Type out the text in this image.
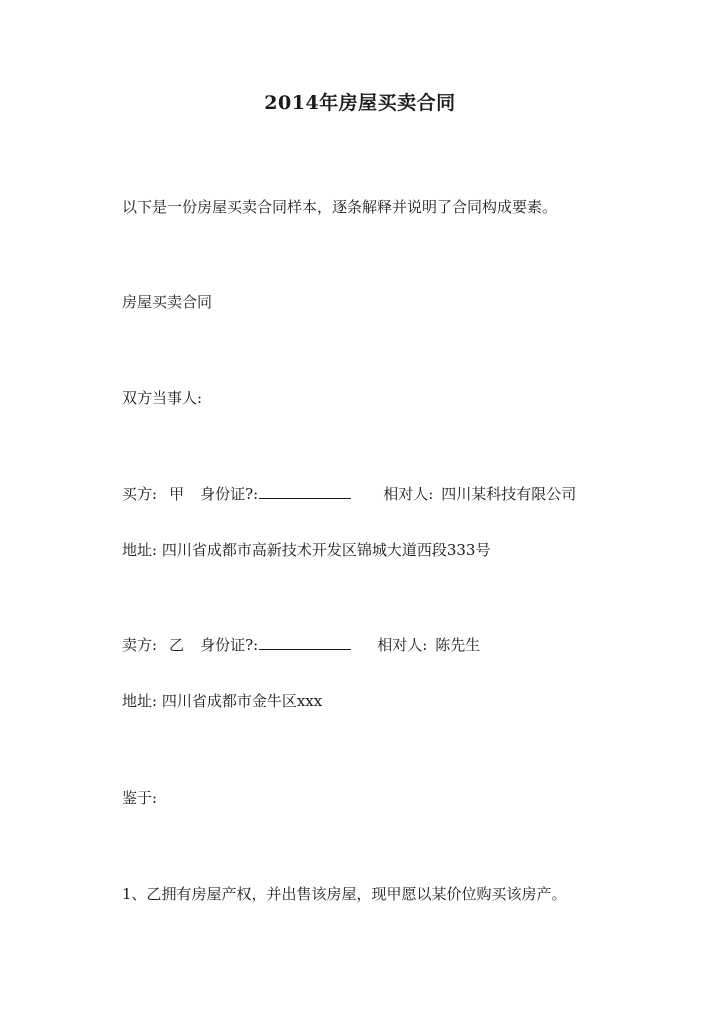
2014年房屋买卖合同
以下是一份房屋买卖合同样本，逐条解释并说明了合同构成要素。
房屋买卖合同
双方当事人:
买方: 甲 身份证?:	相对人: 四川某科技有限公司
地址: 四川省成都市高新技术开发区锦城大道西段333号
卖方: 乙 身份证?:	相对人: 陈先生
地址: 四川省成都市金牛区xxx
鉴于:
1、乙拥有房屋产权，并出售该房屋，现甲愿以某价位购买该房产。
